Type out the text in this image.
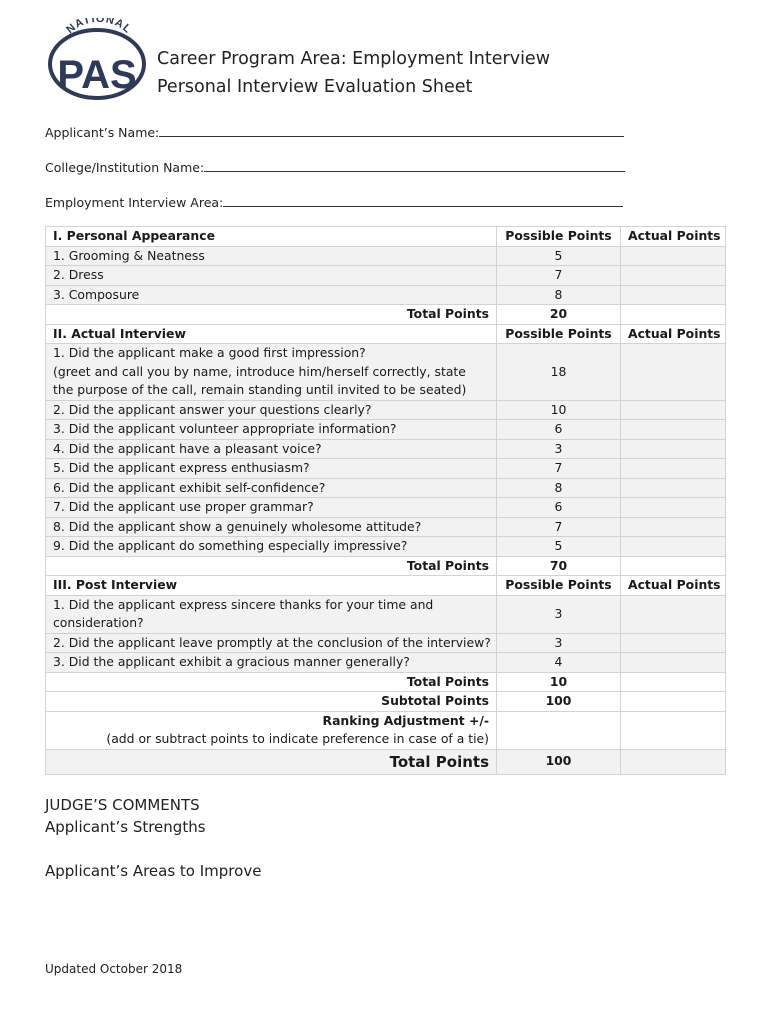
NATIONAL
PAS Career Program Area: Employment Interview
Personal Interview Evaluation Sheet
Applicant’s Name:
College/Institution Name:
Employment Interview Area:
I. Personal Appearance	Possible Points	Actual Points
1. Grooming & Neatness	5	
2. Dress	7	
3. Composure	8	
Total Points	20	
II. Actual Interview	Possible Points	Actual Points
1. Did the applicant make a good first impression?
(greet and call you by name, introduce him/herself correctly, state the purpose of the call, remain standing until invited to be seated)	18	
2. Did the applicant answer your questions clearly?	10	
3. Did the applicant volunteer appropriate information?	6	
4. Did the applicant have a pleasant voice?	3	
5. Did the applicant express enthusiasm?	7	
6. Did the applicant exhibit self-confidence?	8	
7. Did the applicant use proper grammar?	6	
8. Did the applicant show a genuinely wholesome attitude?	7	
9. Did the applicant do something especially impressive?	5	
Total Points	70	
III. Post Interview	Possible Points	Actual Points
1. Did the applicant express sincere thanks for your time and consideration?	3	
2. Did the applicant leave promptly at the conclusion of the interview?	3	
3. Did the applicant exhibit a gracious manner generally?	4	
Total Points	10	
Subtotal Points	100	
Ranking Adjustment +/-
(add or subtract points to indicate preference in case of a tie)		
Total Points	100	
JUDGE’S COMMENTS
Applicant’s Strengths
Applicant’s Areas to Improve
Updated October 2018
